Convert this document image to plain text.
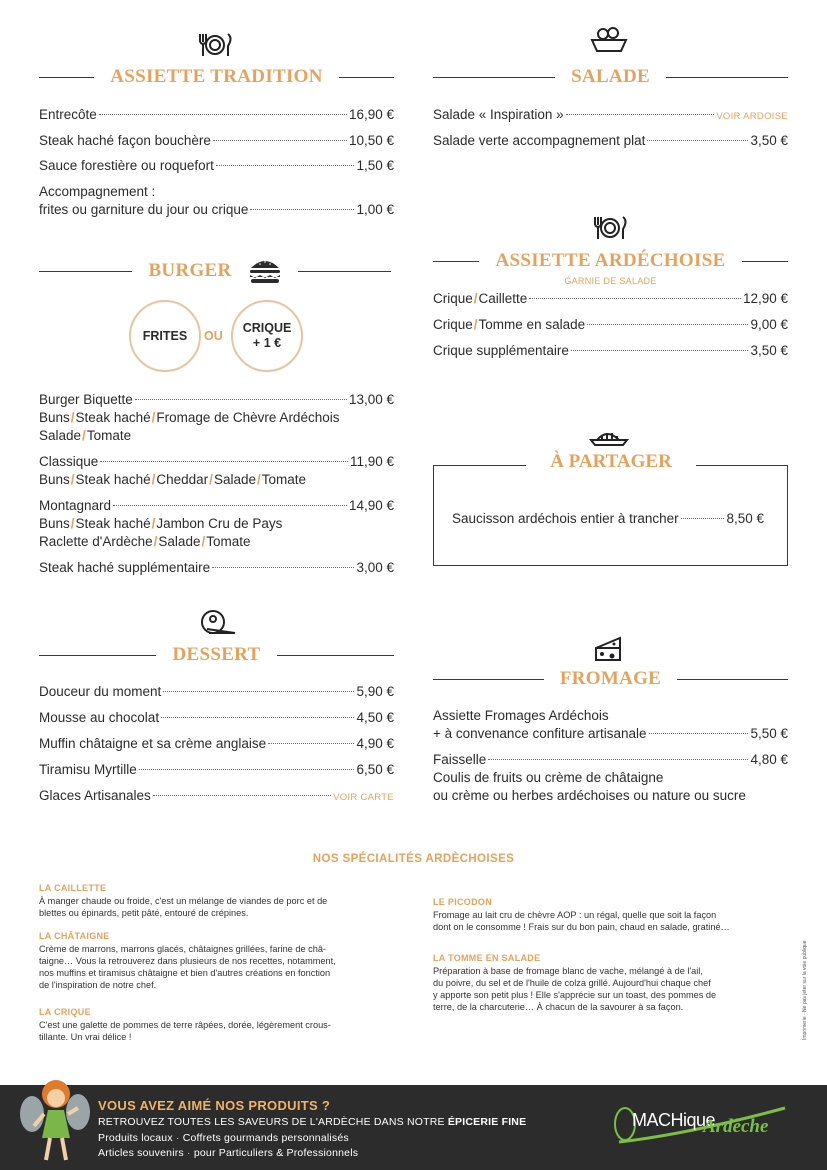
ASSIETTE TRADITION
Entrecôte	16,90 €
Steak haché façon bouchère	10,50 €
Sauce forestière ou roquefort	1,50 €
Accompagnement :
frites ou garniture du jour ou crique	1,00 €
BURGER
FRITES OU
CRIQUE
+ 1 €
Burger Biquette	13,00 €
Buns/Steak haché/Fromage de Chèvre Ardéchois
Salade/Tomate
Classique	11,90 €
Buns/Steak haché/Cheddar/Salade/Tomate
Montagnard	14,90 €
Buns/Steak haché/Jambon Cru de Pays
Raclette d'Ardèche/Salade/Tomate
Steak haché supplémentaire	3,00 €
DESSERT
Douceur du moment	5,90 €
Mousse au chocolat	4,50 €
Muffin châtaigne et sa crème anglaise	4,90 €
Tiramisu Myrtille	6,50 €
Glaces Artisanales	VOIR CARTE
SALADE
Salade « Inspiration »	VOIR ARDOISE
Salade verte accompagnement plat	3,50 €
ASSIETTE ARDÉCHOISE
GARNIE DE SALADE
Crique/Caillette	12,90 €
Crique/Tomme en salade	9,00 €
Crique supplémentaire	3,50 €
À PARTAGER
Saucisson ardéchois entier à trancher	8,50 €
FROMAGE
Assiette Fromages Ardéchois
+ à convenance confiture artisanale	5,50 €
Faisselle	4,80 €
Coulis de fruits ou crème de châtaigne
ou crème ou herbes ardéchoises ou nature ou sucre
NOS SPÉCIALITÉS ARDÈCHOISES
LA CAILLETTE
À manger chaude ou froide, c'est un mélange de viandes de porc et de
blettes ou épinards, petit pâté, entouré de crépines.
LA CHÂTAIGNE
Crème de marrons, marrons glacés, châtaignes grillées, farine de châ-
taigne… Vous la retrouverez dans plusieurs de nos recettes, notamment,
nos muffins et tiramisus châtaigne et bien d'autres créations en fonction
de l'inspiration de notre chef.
LA CRIQUE
C'est une galette de pommes de terre râpées, dorée, légèrement crous-
tillante. Un vrai délice !
LE PICODON
Fromage au lait cru de chèvre AOP : un régal, quelle que soit la façon
dont on le consomme ! Frais sur du bon pain, chaud en salade, gratiné…
LA TOMME EN SALADE
Préparation à base de fromage blanc de vache, mélangé à de l'ail,
du poivre, du sel et de l'huile de colza grillé. Aujourd'hui chaque chef
y apporte son petit plus ! Elle s'apprécie sur un toast, des pommes de
terre, de la charcuterie… À chacun de la savourer à sa façon.	Imprimerie · Ne pas jeter sur la voie publique
VOUS AVEZ AIMÉ NOS PRODUITS ?
RETROUVEZ TOUTES LES SAVEURS DE L'ARDÈCHE DANS NOTRE ÉPICERIE FINE
Produits locaux · Coffrets gourmands personnalisés
Articles souvenirs · pour Particuliers & Professionnels
MACHique
Ardèche
